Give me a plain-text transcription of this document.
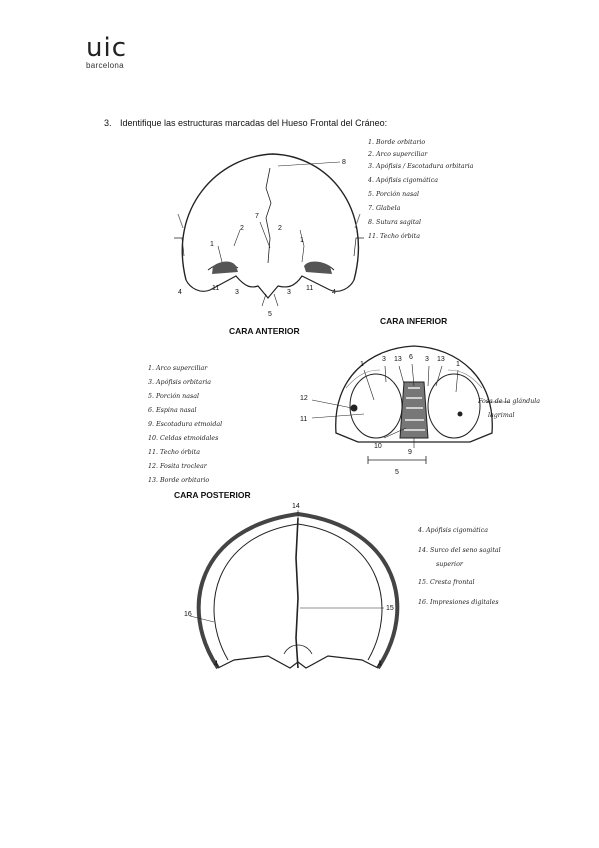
uic
barcelona
3. Identifique las estructuras marcadas del Hueso Frontal del Cráneo:
8
7
2	2
1
1
11	11
3	3
4	4
5
CARA ANTERIOR
1. Borde orbitario
2. Arco superciliar
3. Apófisis / Escotadura orbitaria
4. Apófisis cigomática
5. Porción nasal
7. Glabela
8. Sutura sagital
11. Techo órbita
CARA INFERIOR
1
3 13 6 3 13
1
12
11
10
9
5
1. Arco superciliar
3. Apófisis orbitaria
5. Porción nasal
6. Espina nasal
9. Escotadura etmoidal
10. Celdas etmoidales
11. Techo órbita
12. Fosita troclear
13. Borde orbitario
Fosa de la glándula
lagrimal
CARA POSTERIOR
14
16
15
4	4
4. Apófisis cigomática
14. Surco del seno sagital
superior
15. Cresta frontal
16. Impresiones digitales
